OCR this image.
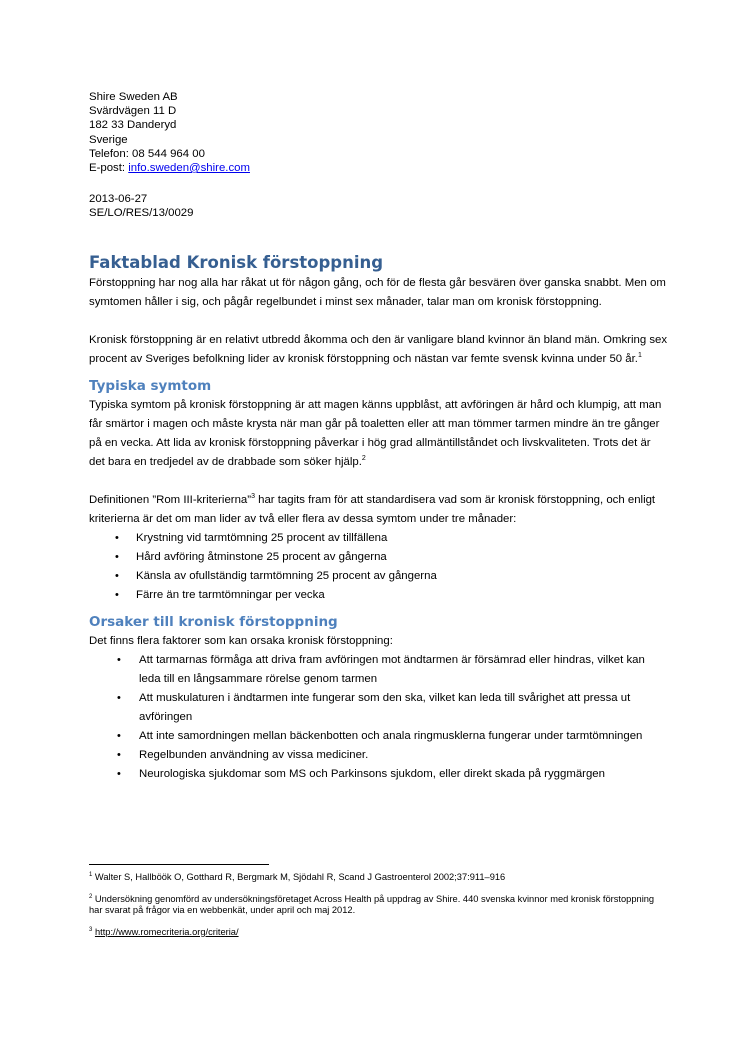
Shire Sweden AB
Svärdvägen 11 D
182 33 Danderyd
Sverige
Telefon: 08 544 964 00
E-post: info.sweden@shire.com
2013-06-27
SE/LO/RES/13/0029
Faktablad Kronisk förstoppning

Förstoppning har nog alla har råkat ut för någon gång, och för de flesta går besvären över ganska snabbt. Men om symtomen håller i sig, och pågår regelbundet i minst sex månader, talar man om kronisk förstoppning.

Kronisk förstoppning är en relativt utbredd åkomma och den är vanligare bland kvinnor än bland män. Omkring sex procent av Sveriges befolkning lider av kronisk förstoppning och nästan var femte svensk kvinna under 50 år.$^1$

Typiska symtom

Typiska symtom på kronisk förstoppning är att magen känns uppblåst, att avföringen är hård och klumpig, att man får smärtor i magen och måste krysta när man går på toaletten eller att man tömmer tarmen mindre än tre gånger på en vecka. Att lida av kronisk förstoppning påverkar i hög grad allmäntillståndet och livskvaliteten. Trots det är det bara en tredjedel av de drabbade som söker hjälp.$^2$

Definitionen ”Rom III-kriterierna”$^3$ har tagits fram för att standardisera vad som är kronisk förstoppning, och enligt kriterierna är det om man lider av två eller flera av dessa symtom under tre månader:

• Krystning vid tarmtömning 25 procent av tillfällena
• Hård avföring åtminstone 25 procent av gångerna
• Känsla av ofullständig tarmtömning 25 procent av gångerna
• Färre än tre tarmtömningar per vecka
Orsaker till kronisk förstoppning

Det finns flera faktorer som kan orsaka kronisk förstoppning:

• Att tarmarnas förmåga att driva fram avföringen mot ändtarmen är försämrad eller hindras, vilket kan leda till en långsammare rörelse genom tarmen
• Att muskulaturen i ändtarmen inte fungerar som den ska, vilket kan leda till svårighet att pressa ut avföringen
• Att inte samordningen mellan bäckenbotten och anala ringmusklerna fungerar under tarmtömningen
• Regelbunden användning av vissa mediciner.
• Neurologiska sjukdomar som MS och Parkinsons sjukdom, eller direkt skada på ryggmärgen
$^1$ Walter S, Hallböök O, Gotthard R, Bergmark M, Sjödahl R, Scand J Gastroenterol 2002;37:911–916
$^2$ Undersökning genomförd av undersökningsföretaget Across Health på uppdrag av Shire. 440 svenska kvinnor med kronisk förstoppning har svarat på frågor via en webbenkät, under april och maj 2012.
$^3$ http://www.romecriteria.org/criteria/
